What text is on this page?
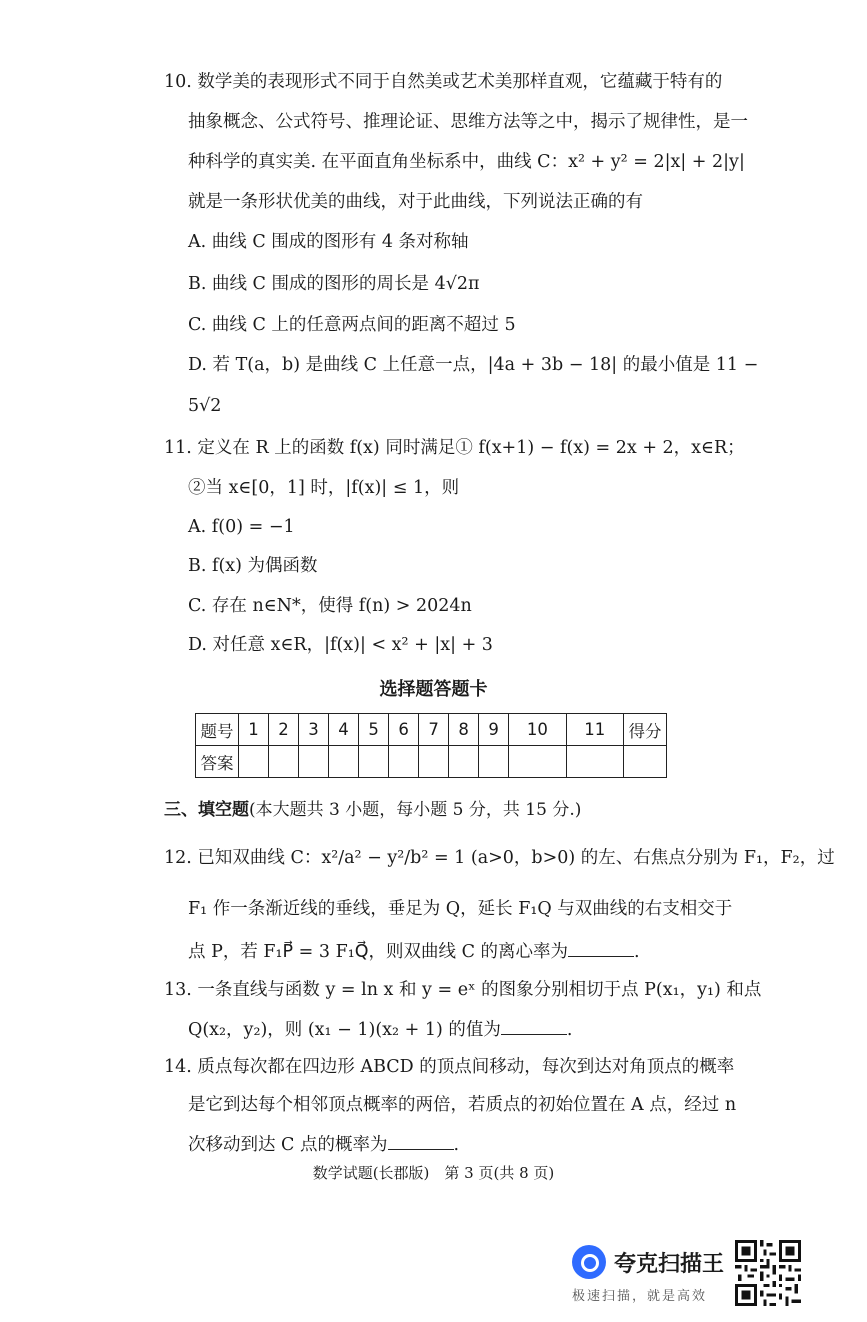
10. 数学美的表现形式不同于自然美或艺术美那样直观，它蕴藏于特有的
抽象概念、公式符号、推理论证、思维方法等之中，揭示了规律性，是一
种科学的真实美. 在平面直角坐标系中，曲线 C：x² + y² = 2|x| + 2|y|
就是一条形状优美的曲线，对于此曲线，下列说法正确的有
A. 曲线 C 围成的图形有 4 条对称轴
B. 曲线 C 围成的图形的周长是 4√2π
C. 曲线 C 上的任意两点间的距离不超过 5
D. 若 T(a，b) 是曲线 C 上任意一点，|4a + 3b − 18| 的最小值是 11 −
5√2
11. 定义在 R 上的函数 f(x) 同时满足① f(x+1) − f(x) = 2x + 2，x∈R；
②当 x∈[0，1] 时，|f(x)| ≤ 1，则
A. f(0) = −1
B. f(x) 为偶函数
C. 存在 n∈N*，使得 f(n) > 2024n
D. 对任意 x∈R，|f(x)| < x² + |x| + 3
选择题答题卡
题号	1	2	3	4	5	6	7	8	9	10	11	得分
答案												
三、填空题(本大题共 3 小题，每小题 5 分，共 15 分.)
12. 已知双曲线 C：x²/a² − y²/b² = 1 (a>0，b>0) 的左、右焦点分别为 F₁，F₂，过
F₁ 作一条渐近线的垂线，垂足为 Q，延长 F₁Q 与双曲线的右支相交于
点 P，若 F₁P⃗ = 3 F₁Q⃗，则双曲线 C 的离心率为	.
13. 一条直线与函数 y = ln x 和 y = eˣ 的图象分别相切于点 P(x₁，y₁) 和点
Q(x₂，y₂)，则 (x₁ − 1)(x₂ + 1) 的值为	.
14. 质点每次都在四边形 ABCD 的顶点间移动，每次到达对角顶点的概率
是它到达每个相邻顶点概率的两倍，若质点的初始位置在 A 点，经过 n
次移动到达 C 点的概率为	.
数学试题(长郡版)　第 3 页(共 8 页)
夸克扫描王
极速扫描，就是高效
